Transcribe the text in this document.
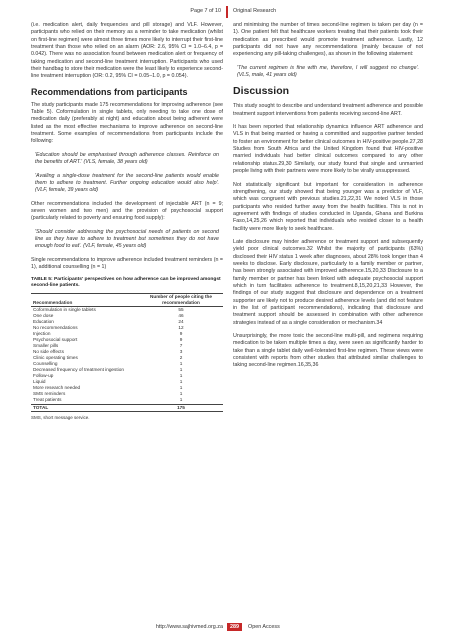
Page 7 of 10 Original Research

(i.e. medication alert, daily frequencies and pill storage) and VLF. However, participants who relied on their memory as a reminder to take medication (whilst on first-line regimen) were almost three times more likely to interrupt their first-line treatment than those who relied on an alarm (AOR: 2.6, 95% CI = 1.0–6.4, p = 0.042). There was no association found between medication alert or frequency of taking medication and second-line treatment interruption. Participants who used their handbag to store their medication were the least likely to experience second-line treatment interruption (OR: 0.2, 95% CI = 0.05–1.0, p = 0.054).

Recommendations from participants

The study participants made 175 recommendations for improving adherence (see Table 5). Coformulation in single tablets, only needing to take one dose of medication daily (preferably at night) and education about being adherent were listed as the most effective mechanisms to improve adherence on second-line treatment. Some examples of recommendations from participants include the following:

'Education should be emphasised through adherence classes. Reinforce on the benefits of ART.' (VLS, female, 38 years old)

'Availing a single-dose treatment for the second-line patients would enable them to adhere to treatment. Further ongoing education would also help'. (VLF, female, 39 years old)

Other recommendations included the development of injectable ART (n = 9; seven women and two men) and the provision of psychosocial support (particularly related to poverty and ensuring food supply):

'Should consider addressing the psychosocial needs of patients on second line as they have to adhere to treatment but sometimes they do not have enough food to eat'. (VLF, female, 45 years old)

Single recommendations to improve adherence included treatment reminders (n = 1), additional counselling (n = 1)

TABLE 5: Participants' perspectives on how adherence can be improved amongst second-line patients.
Recommendation	Number of people citing the recommendation
Coformulation in single tablets	55
One dose	46
Education	24
No recommendations	12
Injection	9
Psychosocial support	9
Smaller pills	7
No side effects	3
Clinic operating times	2
Counselling	1
Decreased frequency of treatment ingestion	1
Follow-up	1
Liquid	1
More research needed	1
SMS reminders	1
Treat patients	1
TOTAL	175
SMS, short message service.

and minimising the number of times second-line regimen is taken per day (n = 1). One patient felt that healthcare workers treating that their patients took their medication as prescribed would promote treatment adherence. Lastly, 12 participants did not have any recommendations (mainly because of not experiencing any pill-taking challenges), as shown in the following statement:

'The current regimen is fine with me, therefore, I will suggest no change'. (VLS, male, 41 years old)

Discussion

This study sought to describe and understand treatment adherence and possible treatment support interventions from patients receiving second-line ART.

It has been reported that relationship dynamics influence ART adherence and VLS in that being married or having a committed and supportive partner tended to foster an environment for better clinical outcomes in HIV-positive people.27,28 Studies from South Africa and the United Kingdom found that HIV-positive married individuals had better clinical outcomes compared to any other relationship status.29,30 Similarly, our study found that single and unmarried people living with their partners were more likely to be virally unsuppressed.

Not statistically significant but important for consideration in adherence strengthening, our study showed that being younger was a predictor of VLF, which was congruent with previous studies.21,22,31 We noted VLS in those participants who resided further away from the health facilities. This is not in agreement with findings of studies conducted in Uganda, Ghana and Burkina Faso,14,25,26 which reported that individuals who resided closer to a health facility were more likely to seek healthcare.

Late disclosure may hinder adherence or treatment support and subsequently yield poor clinical outcomes.32 Whilst the majority of participants (63%) disclosed their HIV status 1 week after diagnoses, about 28% took longer than 4 weeks to disclose. Early disclosure, particularly to a family member or partner, has been strongly associated with improved adherence.15,20,33 Disclosure to a family member or partner has been linked with adequate psychosocial support which in turn facilitates adherence to treatment.8,15,20,21,33 However, the findings of our study suggest that disclosure and dependence on a treatment supporter are likely not to produce desired adherence levels (and did not feature in the list of participant recommendations), indicating that disclosure and treatment support should be assessed in combination with other adherence strategies instead of as a single consideration or mechanism.34

Unsurprisingly, the more toxic the second-line multi-pill, and regimens requiring medication to be taken multiple times a day, were seen as significantly harder to take than a single tablet daily well-tolerated first-line regimen. These views were consistent with reports from other studies that attributed similar challenges to taking second-line regimen.16,35,36

http://www.sajhivmed.org.za	289	Open Access
